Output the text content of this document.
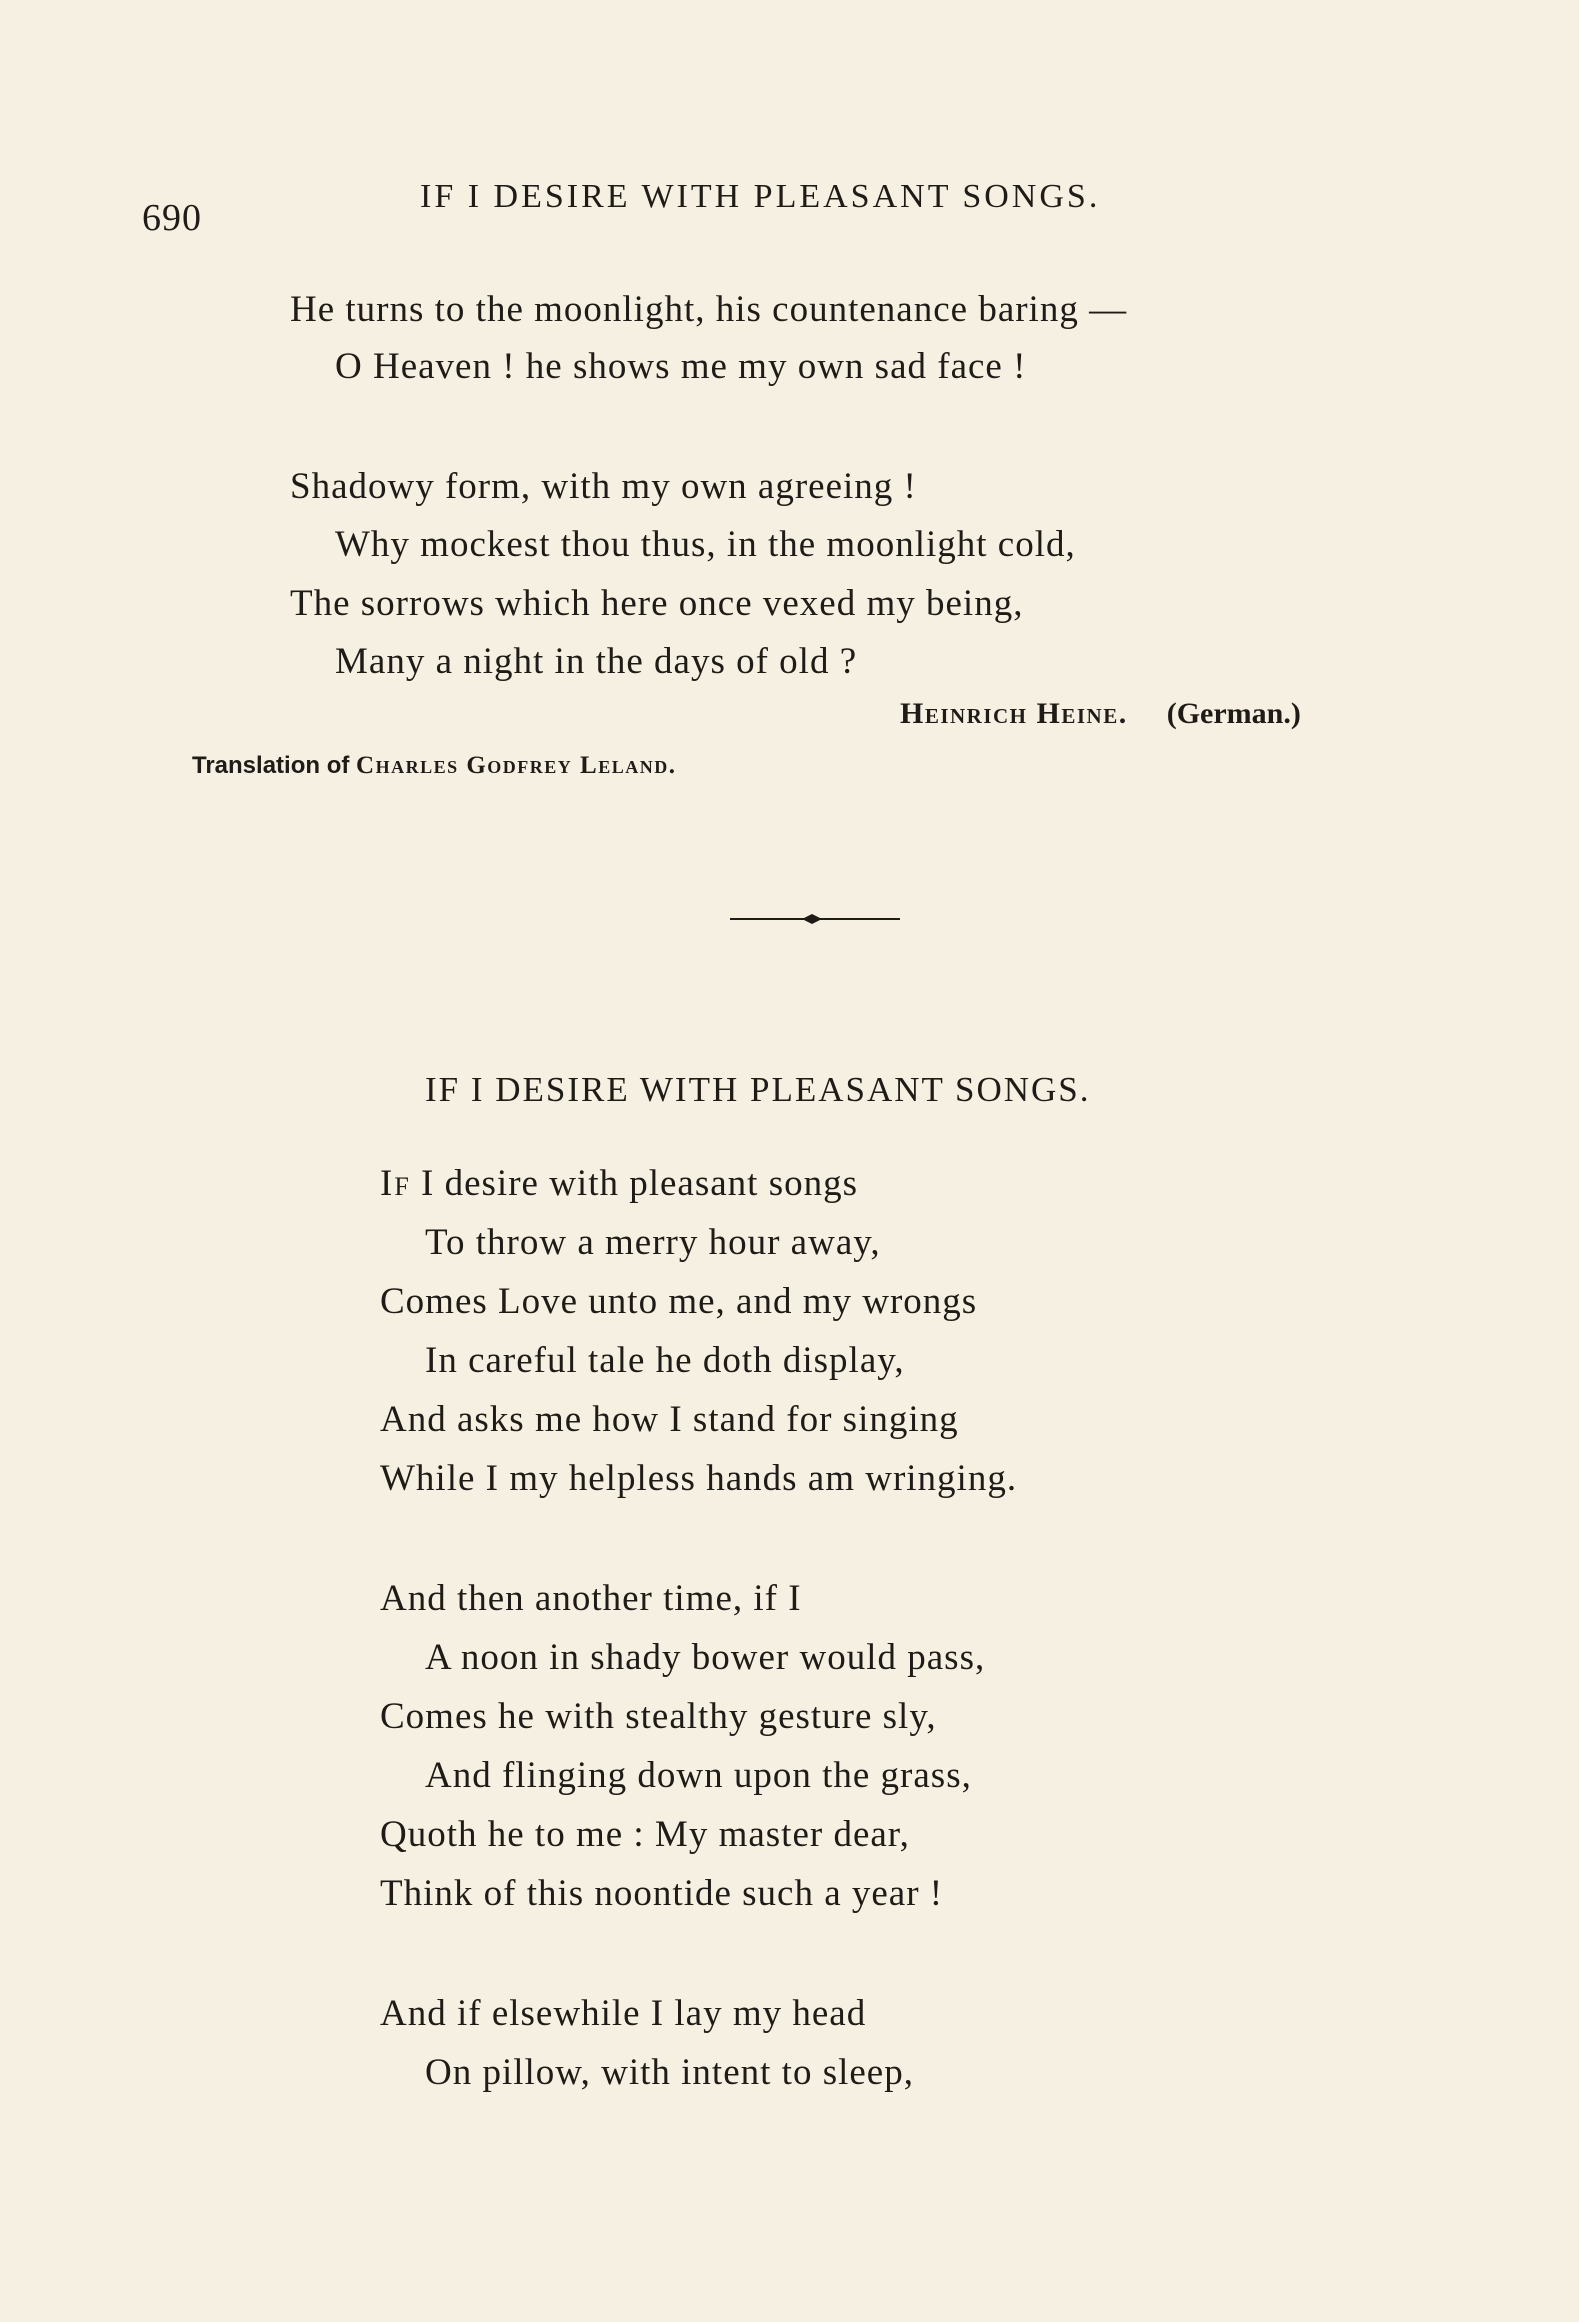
690
IF I DESIRE WITH PLEASANT SONGS.
He turns to the moonlight, his countenance baring —
O Heaven ! he shows me my own sad face !
Shadowy form, with my own agreeing !
Why mockest thou thus, in the moonlight cold,
The sorrows which here once vexed my being,
Many a night in the days of old ?
Heinrich Heine. (German.)
Translation of Charles Godfrey Leland.
IF I DESIRE WITH PLEASANT SONGS.
If I desire with pleasant songs
To throw a merry hour away,
Comes Love unto me, and my wrongs
In careful tale he doth display,
And asks me how I stand for singing
While I my helpless hands am wringing.
And then another time, if I
A noon in shady bower would pass,
Comes he with stealthy gesture sly,
And flinging down upon the grass,
Quoth he to me : My master dear,
Think of this noontide such a year !
And if elsewhile I lay my head
On pillow, with intent to sleep,
